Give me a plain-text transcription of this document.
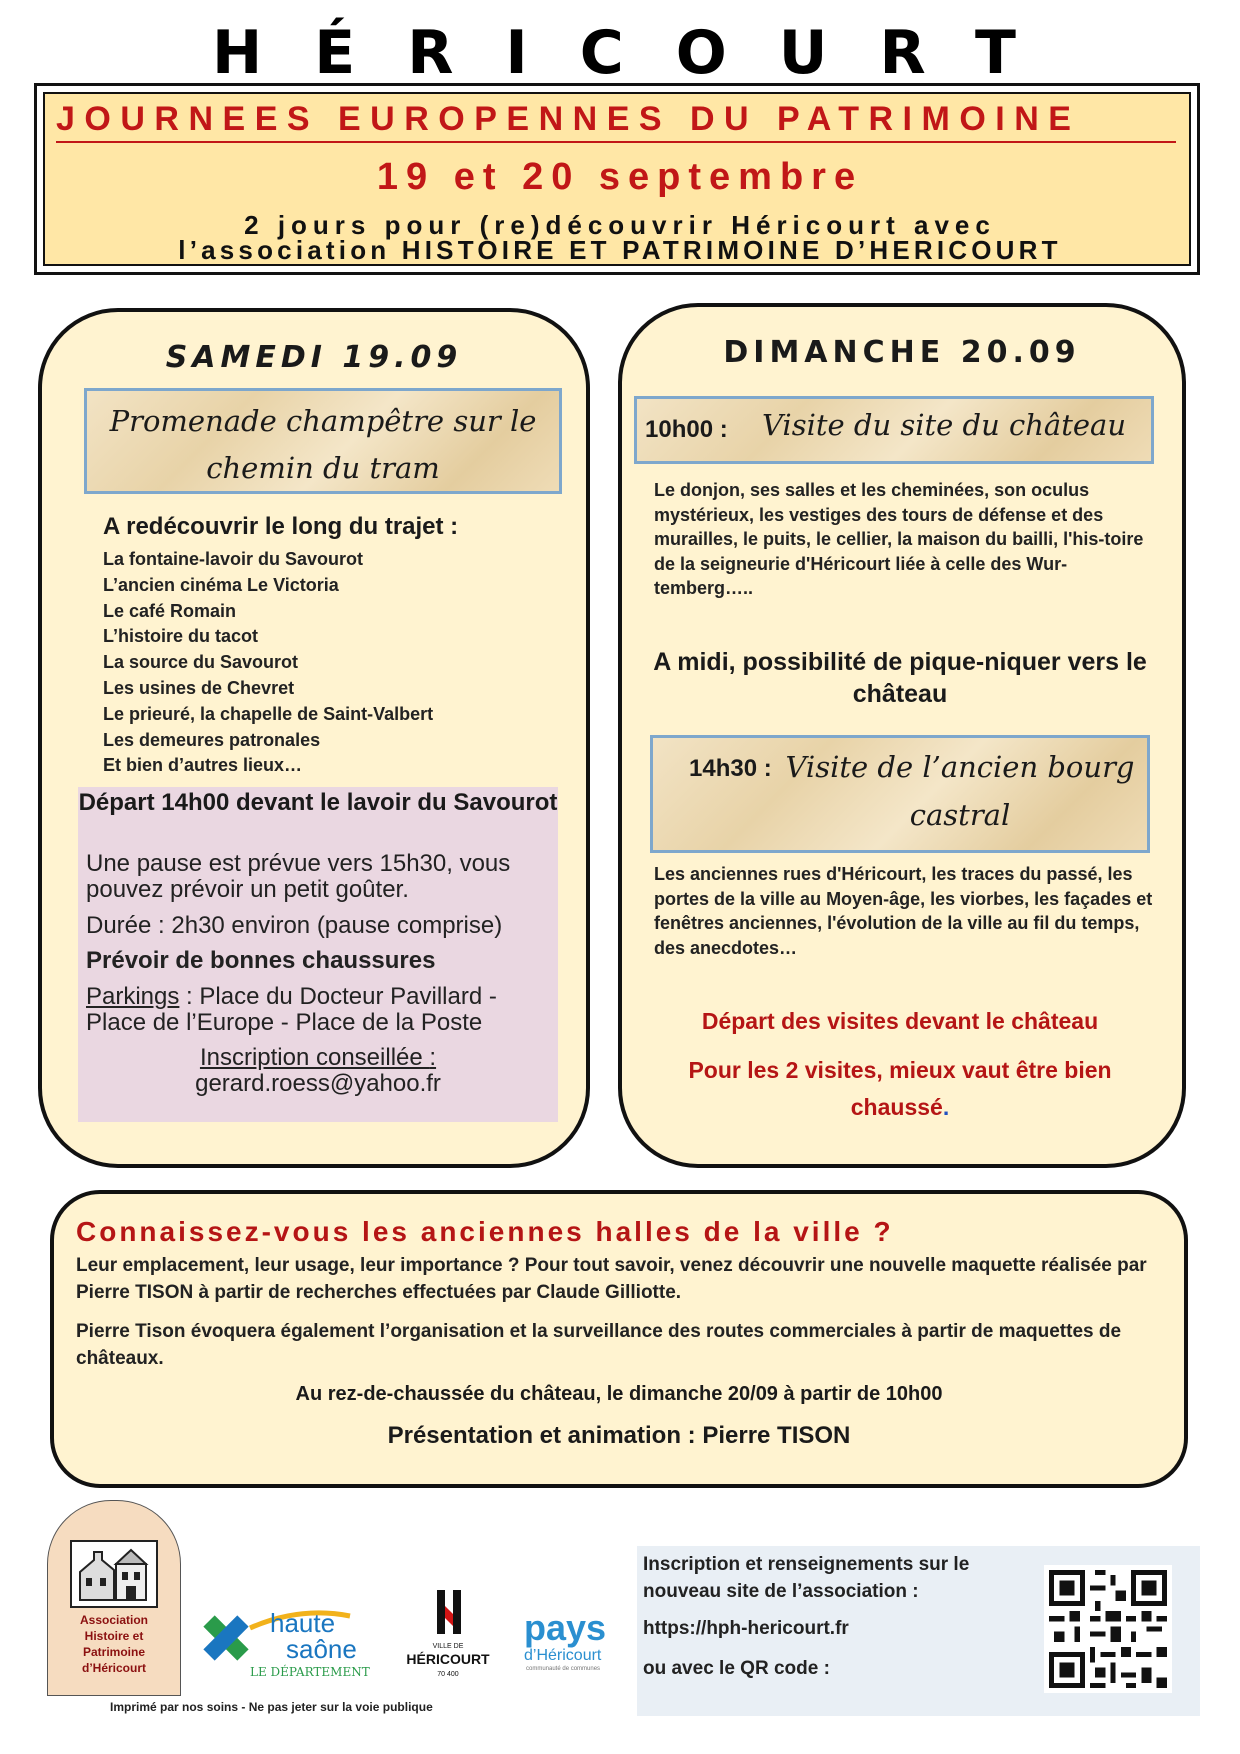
HÉRICOURT
JOURNEES EUROPENNES DU PATRIMOINE
19 et 20 septembre
2 jours pour (re)découvrir Héricourt avec
l’association HISTOIRE ET PATRIMOINE D’HERICOURT
SAMEDI 19.09
Promenade champêtre sur le chemin du tram
A redécouvrir le long du trajet :
La fontaine-lavoir du Savourot
L’ancien cinéma Le Victoria
Le café Romain
L’histoire du tacot
La source du Savourot
Les usines de Chevret
Le prieuré, la chapelle de Saint-Valbert
Les demeures patronales
Et bien d’autres lieux…
Départ 14h00 devant le lavoir du Savourot
Une pause est prévue vers 15h30, vous pouvez prévoir un petit goûter.
Durée : 2h30 environ (pause comprise)
Prévoir de bonnes chaussures
Parkings : Place du Docteur Pavillard - Place de l’Europe - Place de la Poste
Inscription conseillée :
gerard.roess@yahoo.fr
DIMANCHE 20.09
10h00 : Visite du site du château
Le donjon, ses salles et les cheminées, son oculus mystérieux, les vestiges des tours de défense et des murailles, le puits, le cellier, la maison du bailli, l'his-toire de la seigneurie d'Héricourt liée à celle des Wur-temberg…..
A midi, possibilité de pique-niquer vers le château
14h30 : Visite de l’ancien bourg castral
Les anciennes rues d'Héricourt, les traces du passé, les portes de la ville au Moyen-âge, les viorbes, les façades et fenêtres anciennes, l'évolution de la ville au fil du temps, des anecdotes…
Départ des visites devant le château
Pour les 2 visites, mieux vaut être bien chaussé.
Connaissez-vous les anciennes halles de la ville ?
Leur emplacement, leur usage, leur importance ? Pour tout savoir, venez découvrir une nouvelle maquette réalisée par Pierre TISON à partir de recherches effectuées par Claude Gilliotte.
Pierre Tison évoquera également l’organisation et la surveillance des routes commerciales à partir de maquettes de châteaux.
Au rez-de-chaussée du château, le dimanche 20/09 à partir de 10h00
Présentation et animation : Pierre TISON
Association
Histoire et
Patrimoine
d’Héricourt
haute
saône
LE DÉPARTEMENT
VILLE DE
HÉRICOURT
70 400
pays
d’Héricourt
communauté de communes
Imprimé par nos soins - Ne pas jeter sur la voie publique
Inscription et renseignements sur le nouveau site de l’association :
https://hph-hericourt.fr
ou avec le QR code :
